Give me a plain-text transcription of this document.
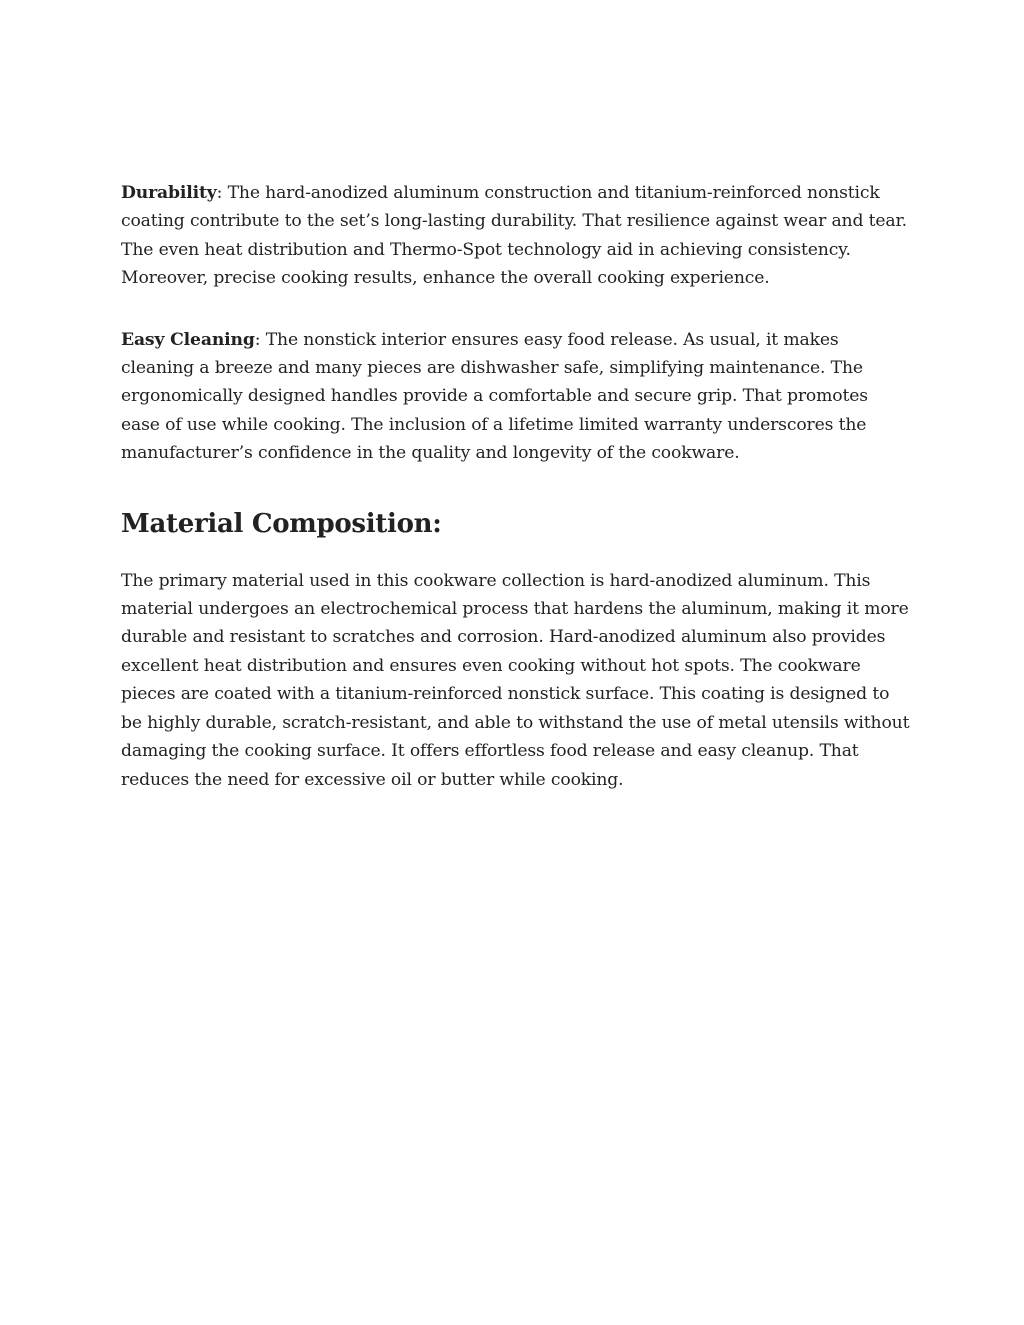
Durability: The hard-anodized aluminum construction and titanium-reinforced nonstick coating contribute to the set’s long-lasting durability. That resilience against wear and tear. The even heat distribution and Thermo-Spot technology aid in achieving consistency. Moreover, precise cooking results, enhance the overall cooking experience.

Easy Cleaning: The nonstick interior ensures easy food release. As usual, it makes cleaning a breeze and many pieces are dishwasher safe, simplifying maintenance. The ergonomically designed handles provide a comfortable and secure grip. That promotes ease of use while cooking. The inclusion of a lifetime limited warranty underscores the manufacturer’s confidence in the quality and longevity of the cookware.

Material Composition:

The primary material used in this cookware collection is hard-anodized aluminum. This material undergoes an electrochemical process that hardens the aluminum, making it more durable and resistant to scratches and corrosion. Hard-anodized aluminum also provides excellent heat distribution and ensures even cooking without hot spots. The cookware pieces are coated with a titanium-reinforced nonstick surface. This coating is designed to be highly durable, scratch-resistant, and able to withstand the use of metal utensils without damaging the cooking surface. It offers effortless food release and easy cleanup. That reduces the need for excessive oil or butter while cooking.
